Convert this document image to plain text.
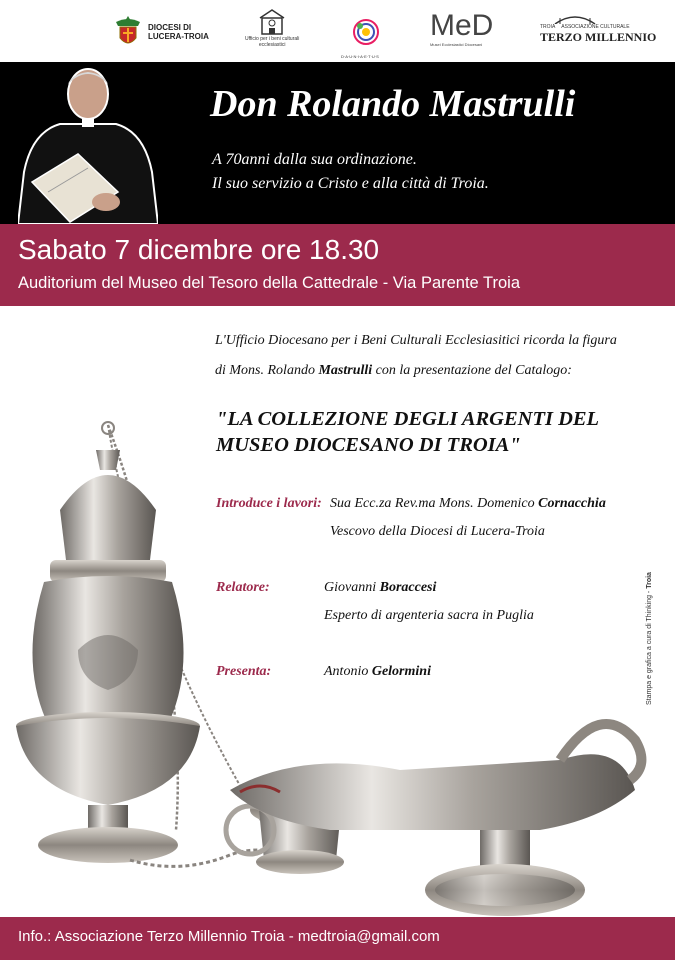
DIOCESI DI
LUCERA-TROIA	Ufficio per i beni culturali
ecclesiastici
D·A·U·N·I·A·E·T·U·S
MeD
Musei Ecclesiastici Diocesani
TROIA ASSOCIAZIONE CULTURALE
TERZO MILLENNIO
Don Rolando Mastrulli
A 70anni dalla sua ordinazione.
Il suo servizio a Cristo e alla città di Troia.
Sabato 7 dicembre ore 18.30
Auditorium del Museo del Tesoro della Cattedrale - Via Parente Troia
L'Ufficio Diocesano per i Beni Culturali Ecclesiasitici ricorda la figura
di Mons. Rolando Mastrulli con la presentazione del Catalogo:
"LA COLLEZIONE DEGLI ARGENTI DEL
MUSEO DIOCESANO DI TROIA"
Introduce i lavori: Sua Ecc.za Rev.ma Mons. Domenico Cornacchia
Vescovo della Diocesi di Lucera-Troia
Relatore:	Giovanni Boraccesi
Esperto di argenteria sacra in Puglia
Presenta:	Antonio Gelormini	Stampa e grafica a cura di Thinking - Troia
Info.: Associazione Terzo Millennio Troia - medtroia@gmail.com
